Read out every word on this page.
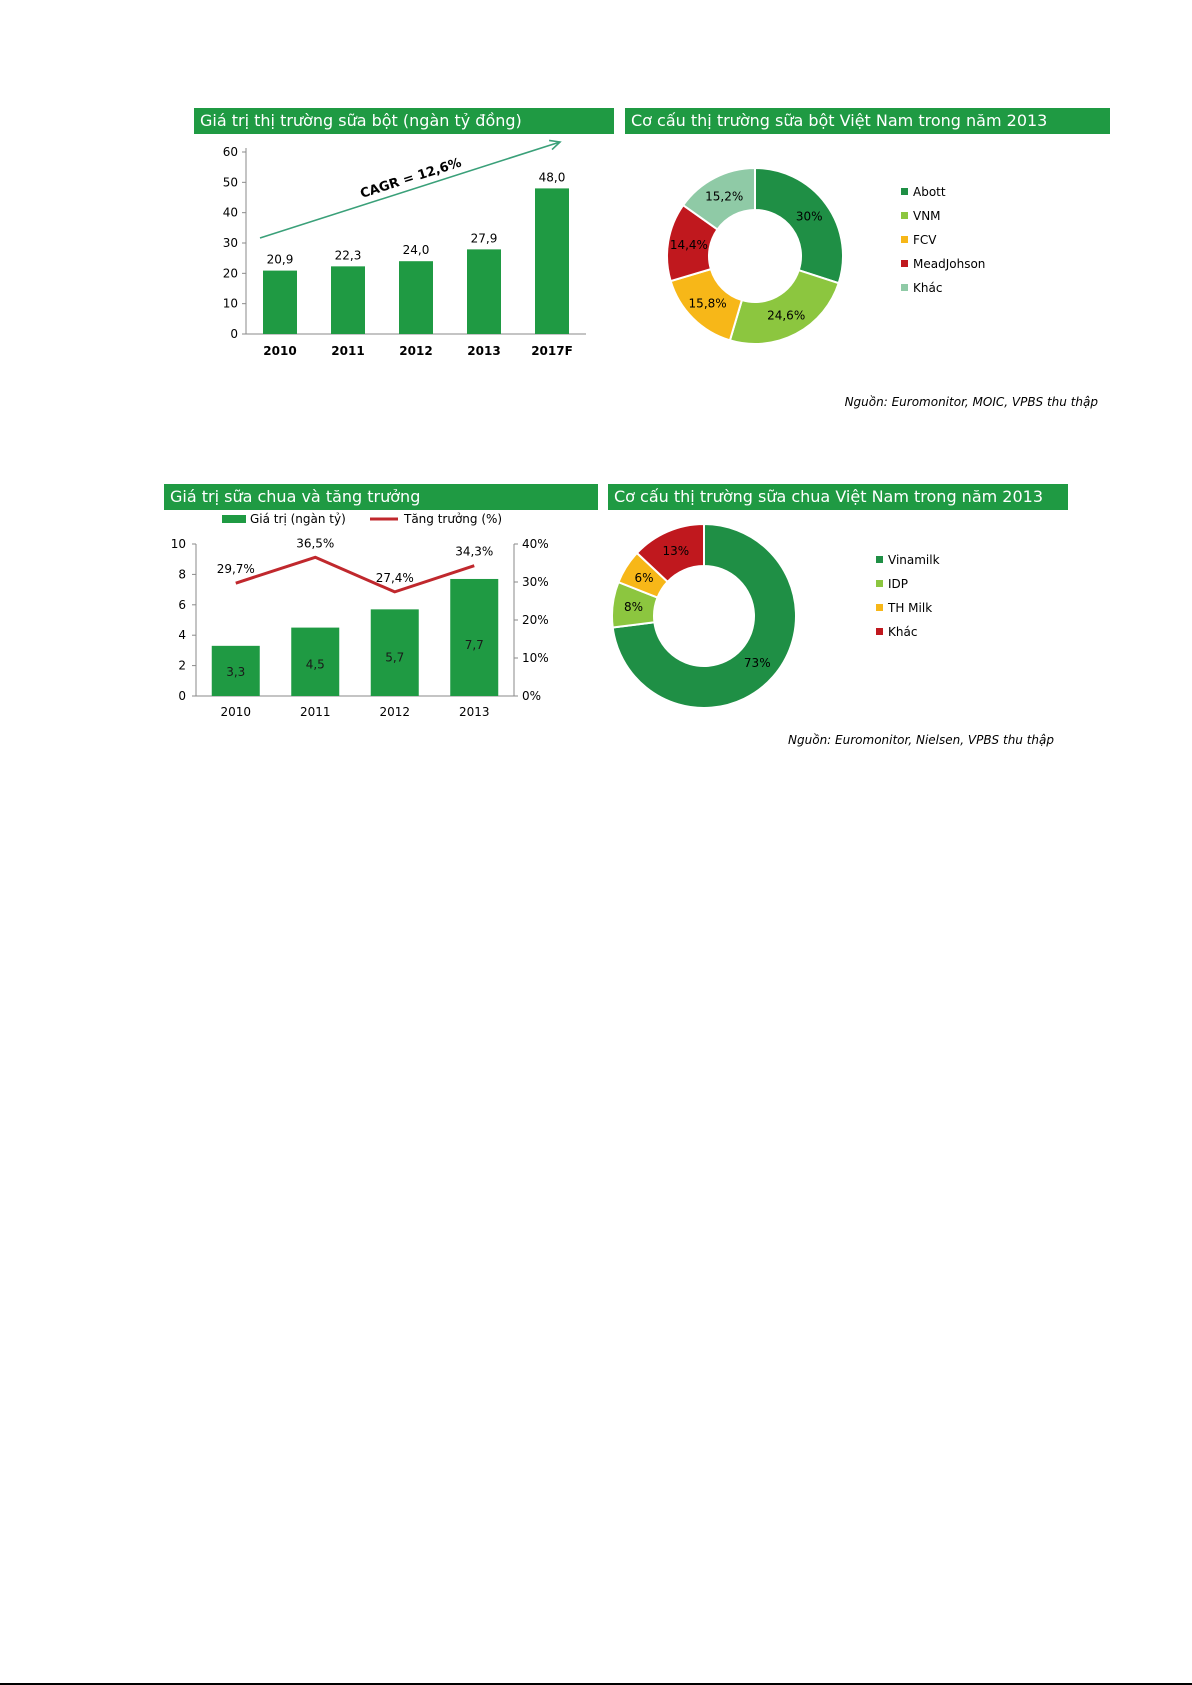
Giá trị thị trường sữa bột (ngàn tỷ đồng)	Cơ cấu thị trường sữa bột Việt Nam trong năm 2013
0
10
20
30
40
50
60
20,9
2010
22,3
2011
24,0
2012
27,9
2013
48,0
2017F
CAGR = 12,6%
30%
24,6%
15,8%
14,4%
15,2%	Abott
VNM
FCV
MeadJohson
Khác
Nguồn: Euromonitor, MOIC, VPBS thu thập
Giá trị sữa chua và tăng trưởng	Cơ cấu thị trường sữa chua Việt Nam trong năm 2013
Giá trị (ngàn tỷ)	Tăng trưởng (%)
0
2
4
6
8
10
0%
10%
20%
30%
40%
3,3
2010
4,5
2011
5,7
2012
7,7
2013
29,7%
36,5%
27,4%
34,3%
73%
8%
6%
13%
Vinamilk
IDP
TH Milk
Khác
Nguồn: Euromonitor, Nielsen, VPBS thu thập
